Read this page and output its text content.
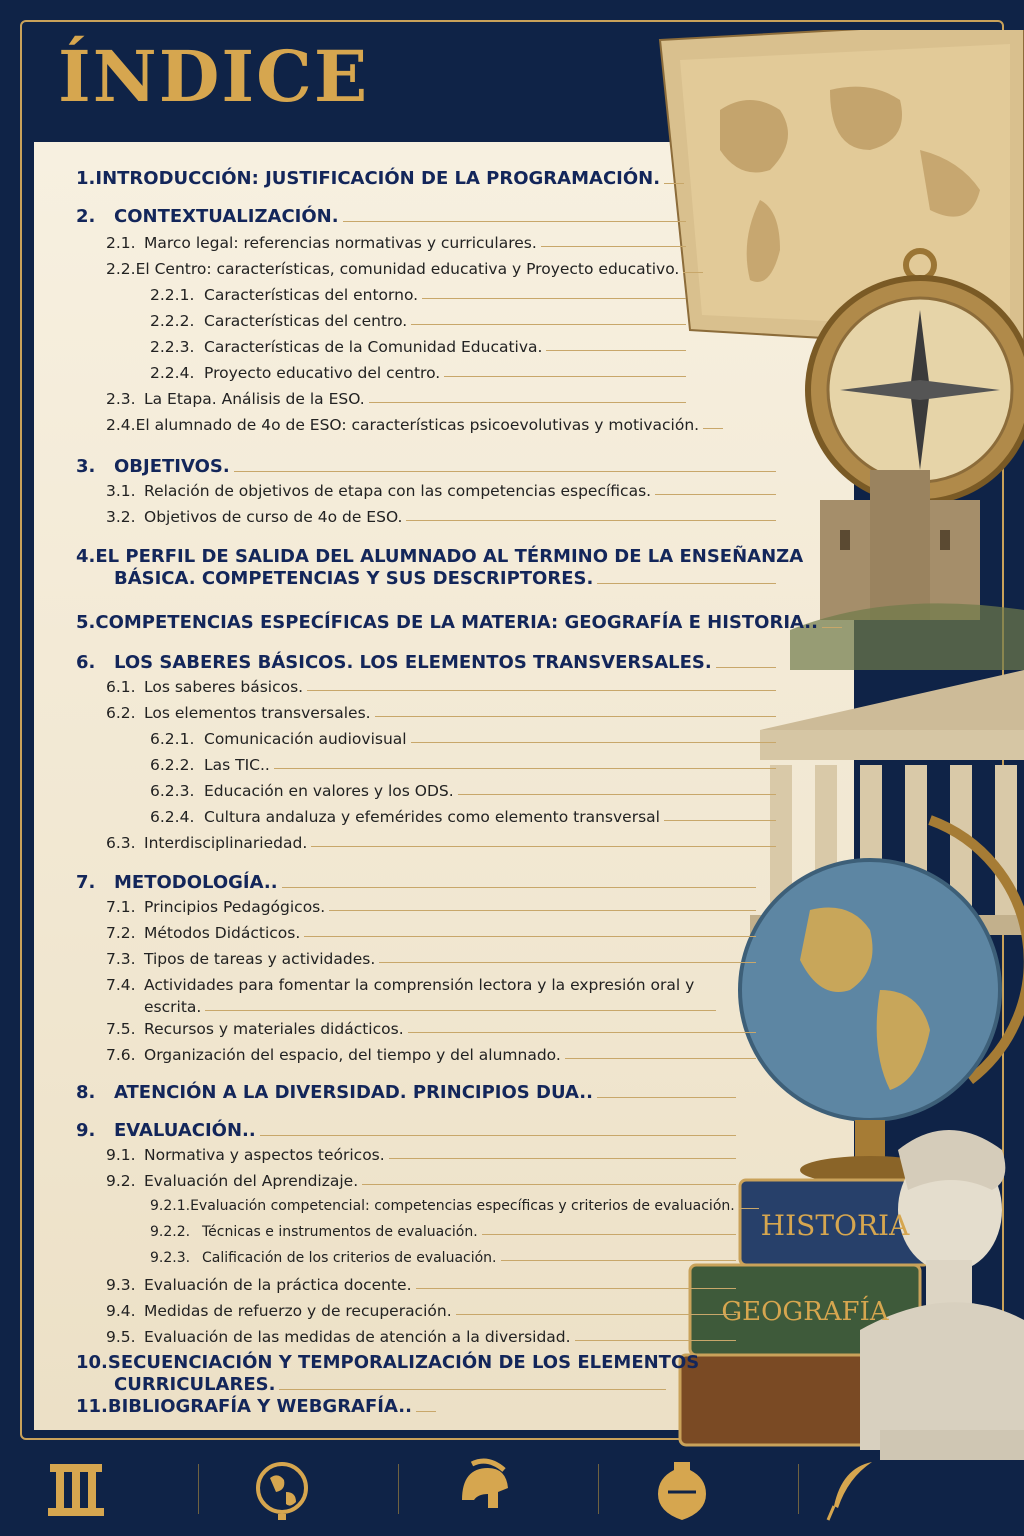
HISTORIA
GEOGRAFÍA
ÍNDICE
1. INTRODUCCIÓN: JUSTIFICACIÓN DE LA PROGRAMACIÓN.
2.	CONTEXTUALIZACIÓN.
2.1. Marco legal: referencias normativas y curriculares.
2.2. El Centro: características, comunidad educativa y Proyecto educativo.
2.2.1. Características del entorno.
2.2.2. Características del centro.
2.2.3. Características de la Comunidad Educativa.
2.2.4. Proyecto educativo del centro.
2.3. La Etapa. Análisis de la ESO.
2.4. El alumnado de 4o de ESO: características psicoevolutivas y motivación.
3.	OBJETIVOS.
3.1. Relación de objetivos de etapa con las competencias específicas.
3.2. Objetivos de curso de 4o de ESO.
4. EL PERFIL DE SALIDA DEL ALUMNADO AL TÉRMINO DE LA ENSEÑANZA
BÁSICA. COMPETENCIAS Y SUS DESCRIPTORES.
5. COMPETENCIAS ESPECÍFICAS DE LA MATERIA: GEOGRAFÍA E HISTORIA..
6.	LOS SABERES BÁSICOS. LOS ELEMENTOS TRANSVERSALES.
6.1. Los saberes básicos.
6.2. Los elementos transversales.
6.2.1. Comunicación audiovisual
6.2.2. Las TIC..
6.2.3. Educación en valores y los ODS.
6.2.4. Cultura andaluza y efemérides como elemento transversal
6.3. Interdisciplinariedad.
7.	METODOLOGÍA..
7.1. Principios Pedagógicos.
7.2. Métodos Didácticos.
7.3. Tipos de tareas y actividades.
7.4. Actividades para fomentar la comprensión lectora y la expresión oral y
escrita.
7.5. Recursos y materiales didácticos.
7.6. Organización del espacio, del tiempo y del alumnado.
8.	ATENCIÓN A LA DIVERSIDAD. PRINCIPIOS DUA..
9.	EVALUACIÓN..
9.1. Normativa y aspectos teóricos.
9.2. Evaluación del Aprendizaje.
9.2.1. Evaluación competencial: competencias específicas y criterios de evaluación.
9.2.2. Técnicas e instrumentos de evaluación.
9.2.3. Calificación de los criterios de evaluación.
9.3. Evaluación de la práctica docente.
9.4. Medidas de refuerzo y de recuperación.
9.5. Evaluación de las medidas de atención a la diversidad.
10. SECUENCIACIÓN Y TEMPORALIZACIÓN DE LOS ELEMENTOS
CURRICULARES.
11. BIBLIOGRAFÍA Y WEBGRAFÍA..
